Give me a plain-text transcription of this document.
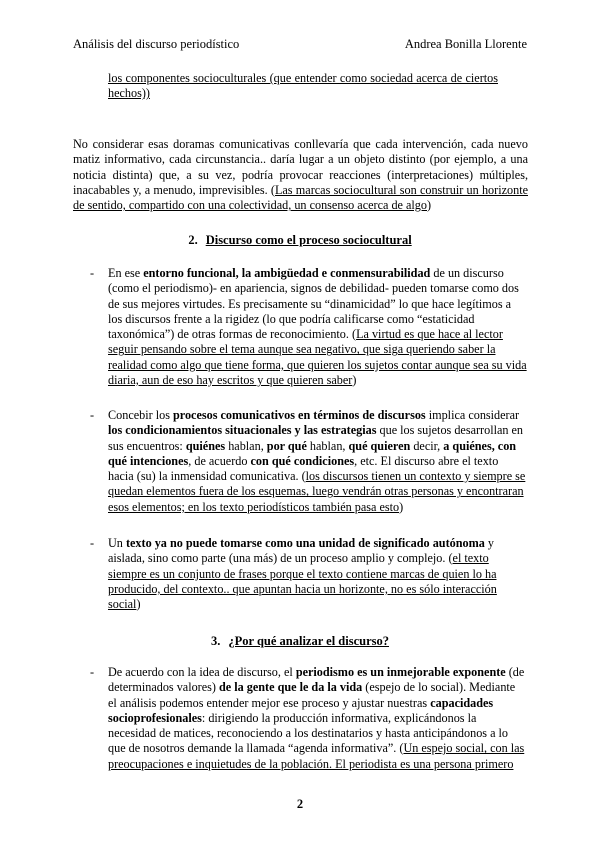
Análisis del discurso periodístico	Andrea Bonilla Llorente

los componentes socioculturales (que entender como sociedad acerca de ciertos hechos))

No considerar esas doramas comunicativas conllevaría que cada intervención, cada nuevo matiz informativo, cada circunstancia.. daría lugar a un objeto distinto (por ejemplo, a una noticia distinta) que, a su vez, podría provocar reacciones (interpretaciones) múltiples, inacabables y, a menudo, imprevisibles. (Las marcas sociocultural son construir un horizonte de sentido, compartido con una colectividad, un consenso acerca de algo)

2. Discurso como el proceso sociocultural
- En ese entorno funcional, la ambigüedad e conmensurabilidad de un discurso (como el periodismo)- en apariencia, signos de debilidad- pueden tomarse como dos de sus mejores virtudes. Es precisamente su “dinamicidad” lo que hace legítimos a los discursos frente a la rigidez (lo que podría calificarse como “estaticidad taxonómica”) de otras formas de reconocimiento. (La virtud es que hace al lector seguir pensando sobre el tema aunque sea negativo, que siga queriendo saber la realidad como algo que tiene forma, que quieren los sujetos contar aunque sea su vida diaria, aun de eso hay escritos y que quieren saber)

- Concebir los procesos comunicativos en términos de discursos implica considerar los condicionamientos situacionales y las estrategias que los sujetos desarrollan en sus encuentros: quiénes hablan, por qué hablan, qué quieren decir, a quiénes, con qué intenciones, de acuerdo con qué condiciones, etc. El discurso abre el texto hacia (su) la inmensidad comunicativa. (los discursos tienen un contexto y siempre se quedan elementos fuera de los esquemas, luego vendrán otras personas y encontraran esos elementos; en los texto periodísticos también pasa esto)

- Un texto ya no puede tomarse como una unidad de significado autónoma y aislada, sino como parte (una más) de un proceso amplio y complejo. (el texto siempre es un conjunto de frases porque el texto contiene marcas de quien lo ha producido, del contexto.. que apuntan hacia un horizonte, no es sólo interacción social)

3. ¿Por qué analizar el discurso?
- De acuerdo con la idea de discurso, el periodismo es un inmejorable exponente (de determinados valores) de la gente que le da la vida (espejo de lo social). Mediante el análisis podemos entender mejor ese proceso y ajustar nuestras capacidades socioprofesionales: dirigiendo la producción informativa, explicándonos la necesidad de matices, reconociendo a los destinatarios y hasta anticipándonos a lo que de nosotros demande la llamada “agenda informativa”. (Un espejo social, con las preocupaciones e inquietudes de la población. El periodista es una persona primero

2
